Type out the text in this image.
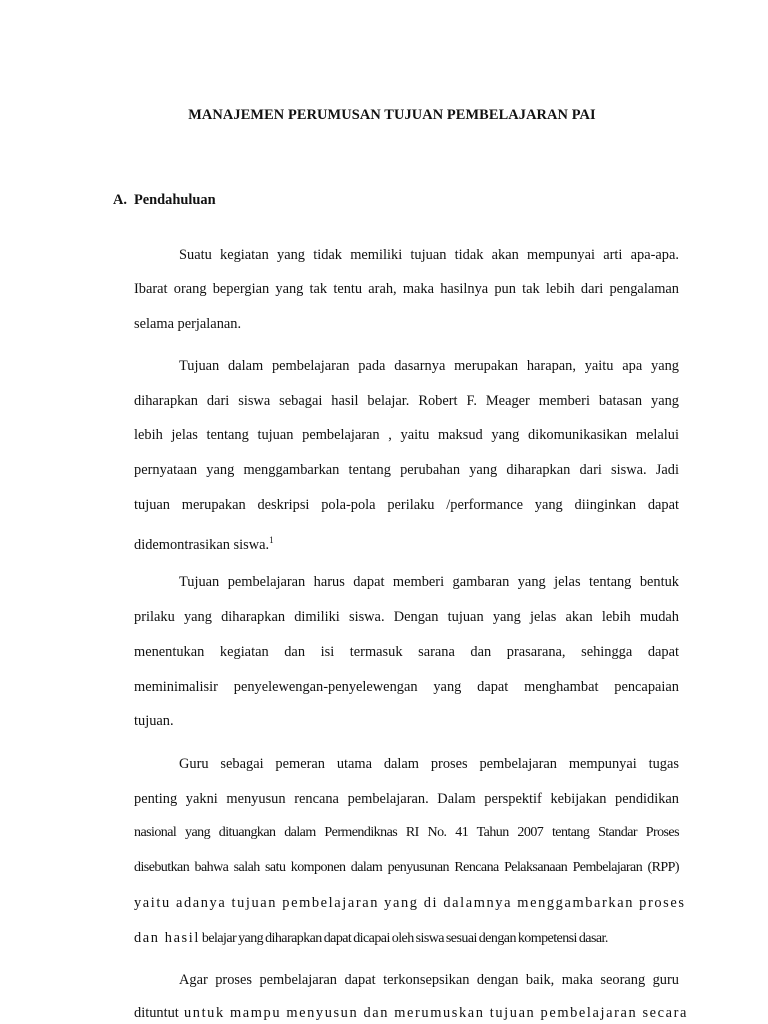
MANAJEMEN PERUMUSAN TUJUAN PEMBELAJARAN PAI
A. Pendahuluan
Suatu kegiatan yang tidak memiliki tujuan tidak akan mempunyai arti apa-apa.
Ibarat orang bepergian yang tak tentu arah, maka hasilnya pun tak lebih dari pengalaman
selama perjalanan.
Tujuan dalam pembelajaran pada dasarnya merupakan harapan, yaitu apa yang
diharapkan dari siswa sebagai hasil belajar. Robert F. Meager memberi batasan yang
lebih jelas tentang tujuan pembelajaran , yaitu maksud yang dikomunikasikan melalui
pernyataan yang menggambarkan tentang perubahan yang diharapkan dari siswa. Jadi
tujuan merupakan deskripsi pola-pola perilaku /performance yang diinginkan dapat
didemontrasikan siswa.$^1$
Tujuan pembelajaran harus dapat memberi gambaran yang jelas tentang bentuk
prilaku yang diharapkan dimiliki siswa. Dengan tujuan yang jelas akan lebih mudah
menentukan kegiatan dan isi termasuk sarana dan prasarana, sehingga dapat
meminimalisir penyelewengan-penyelewengan yang dapat menghambat pencapaian
tujuan.
Guru sebagai pemeran utama dalam proses pembelajaran mempunyai tugas
penting yakni menyusun rencana pembelajaran. Dalam perspektif kebijakan pendidikan
nasional yang dituangkan dalam Permendiknas RI No. 41 Tahun 2007 tentang Standar Proses
disebutkan bahwa salah satu komponen dalam penyusunan Rencana Pelaksanaan Pembelajaran (RPP)
yaitu adanya tujuan pembelajaran yang di dalamnya menggambarkan proses
dan hasil belajar yang diharapkan dapat dicapai oleh siswa sesuai dengan kompetensi dasar.
Agar proses pembelajaran dapat terkonsepsikan dengan baik, maka seorang guru
dituntut untuk mampu menyusun dan merumuskan tujuan pembelajaran secara
